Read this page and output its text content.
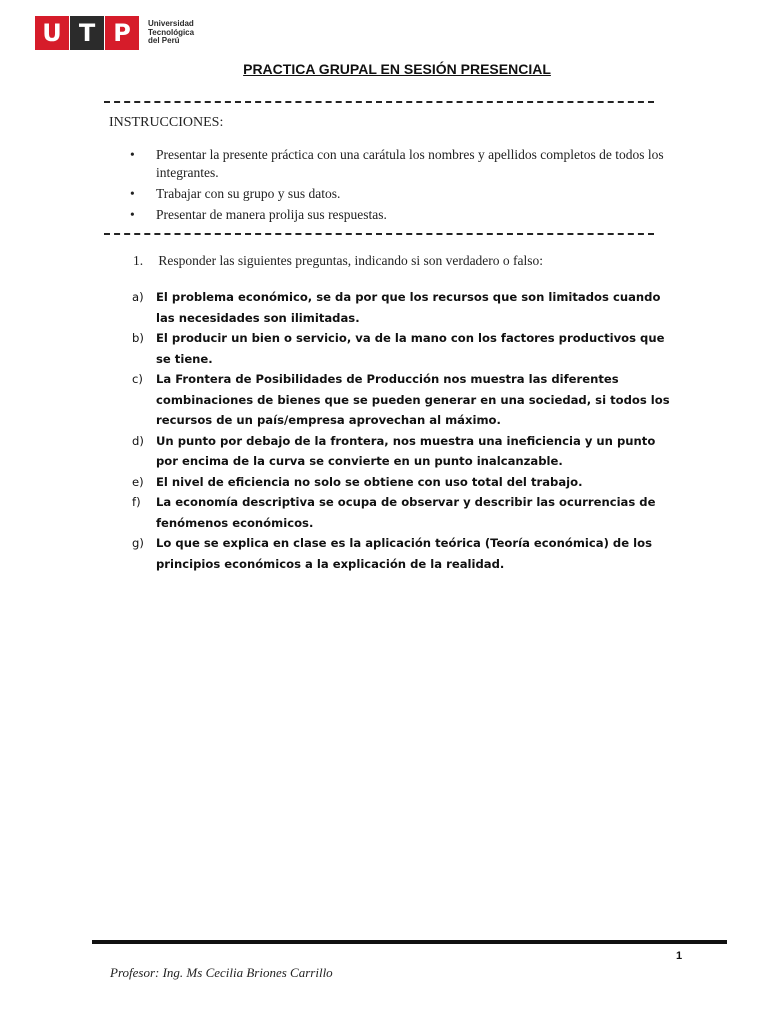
U T P	Universidad
Tecnológica
del Perú
PRACTICA GRUPAL EN SESIÓN PRESENCIAL
INSTRUCCIONES:
• Presentar la presente práctica con una carátula los nombres y apellidos completos de todos los integrantes.
• Trabajar con su grupo y sus datos.
• Presentar de manera prolija sus respuestas.
1. Responder las siguientes preguntas, indicando si son verdadero o falso:
a) El problema económico, se da por que los recursos que son limitados cuando las necesidades son ilimitadas.
b) El producir un bien o servicio, va de la mano con los factores productivos que se tiene.
c) La Frontera de Posibilidades de Producción nos muestra las diferentes combinaciones de bienes que se pueden generar en una sociedad, si todos los recursos de un país/empresa aprovechan al máximo.
d) Un punto por debajo de la frontera, nos muestra una ineficiencia y un punto por encima de la curva se convierte en un punto inalcanzable.
e) El nivel de eficiencia no solo se obtiene con uso total del trabajo.
f) La economía descriptiva se ocupa de observar y describir las ocurrencias de fenómenos económicos.
g) Lo que se explica en clase es la aplicación teórica (Teoría económica) de los principios económicos a la explicación de la realidad.
1
Profesor: Ing. Ms Cecilia Briones Carrillo
